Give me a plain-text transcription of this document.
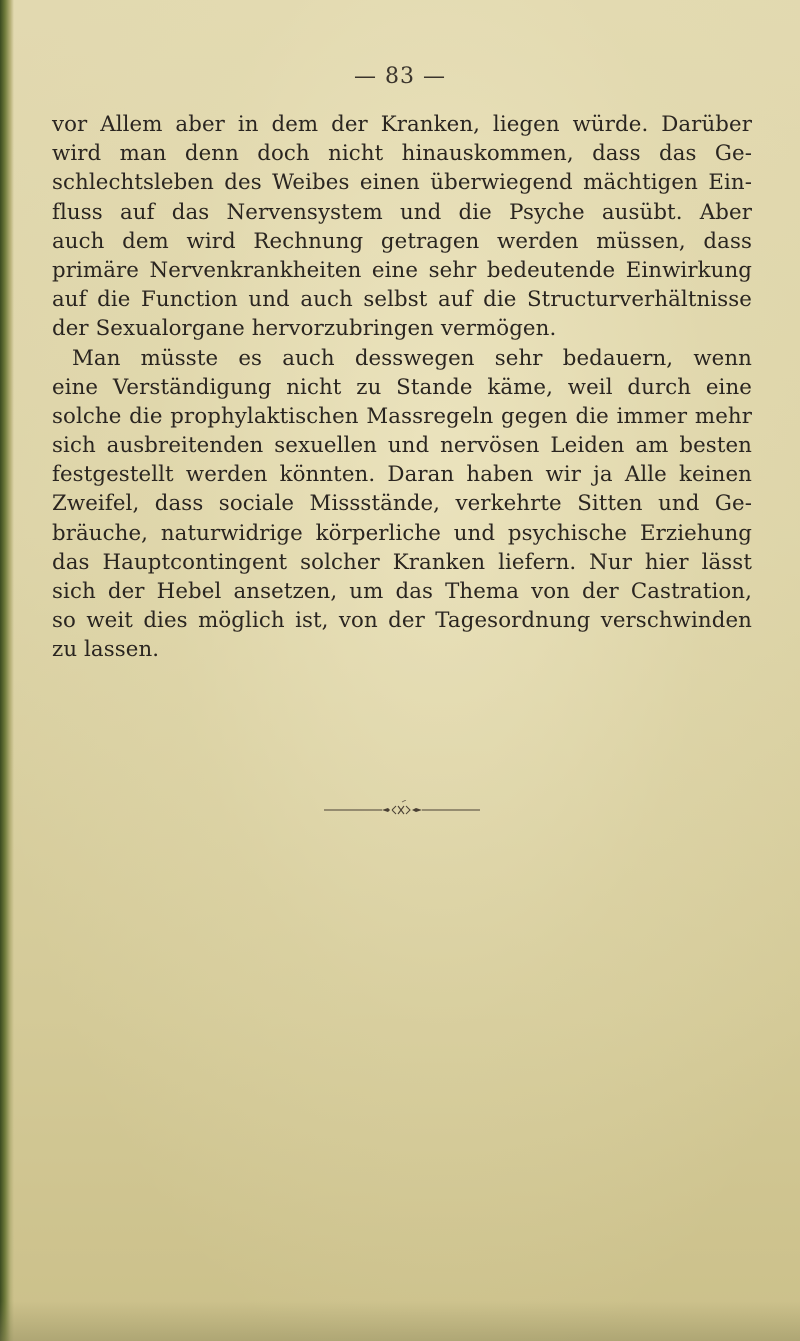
— 83 —
vor Allem aber in dem der Kranken, liegen würde. Darüber
wird man denn doch nicht hinauskommen, dass das Ge-
schlechtsleben des Weibes einen überwiegend mächtigen Ein-
fluss auf das Nervensystem und die Psyche ausübt. Aber
auch dem wird Rechnung getragen werden müssen, dass
primäre Nervenkrankheiten eine sehr bedeutende Einwirkung
auf die Function und auch selbst auf die Structurverhältnisse
der Sexualorgane hervorzubringen vermögen.
Man müsste es auch desswegen sehr bedauern, wenn
eine Verständigung nicht zu Stande käme, weil durch eine
solche die prophylaktischen Massregeln gegen die immer mehr
sich ausbreitenden sexuellen und nervösen Leiden am besten
festgestellt werden könnten. Daran haben wir ja Alle keinen
Zweifel, dass sociale Missstände, verkehrte Sitten und Ge-
bräuche, naturwidrige körperliche und psychische Erziehung
das Hauptcontingent solcher Kranken liefern. Nur hier lässt
sich der Hebel ansetzen, um das Thema von der Castration,
so weit dies möglich ist, von der Tagesordnung verschwinden
zu lassen.
